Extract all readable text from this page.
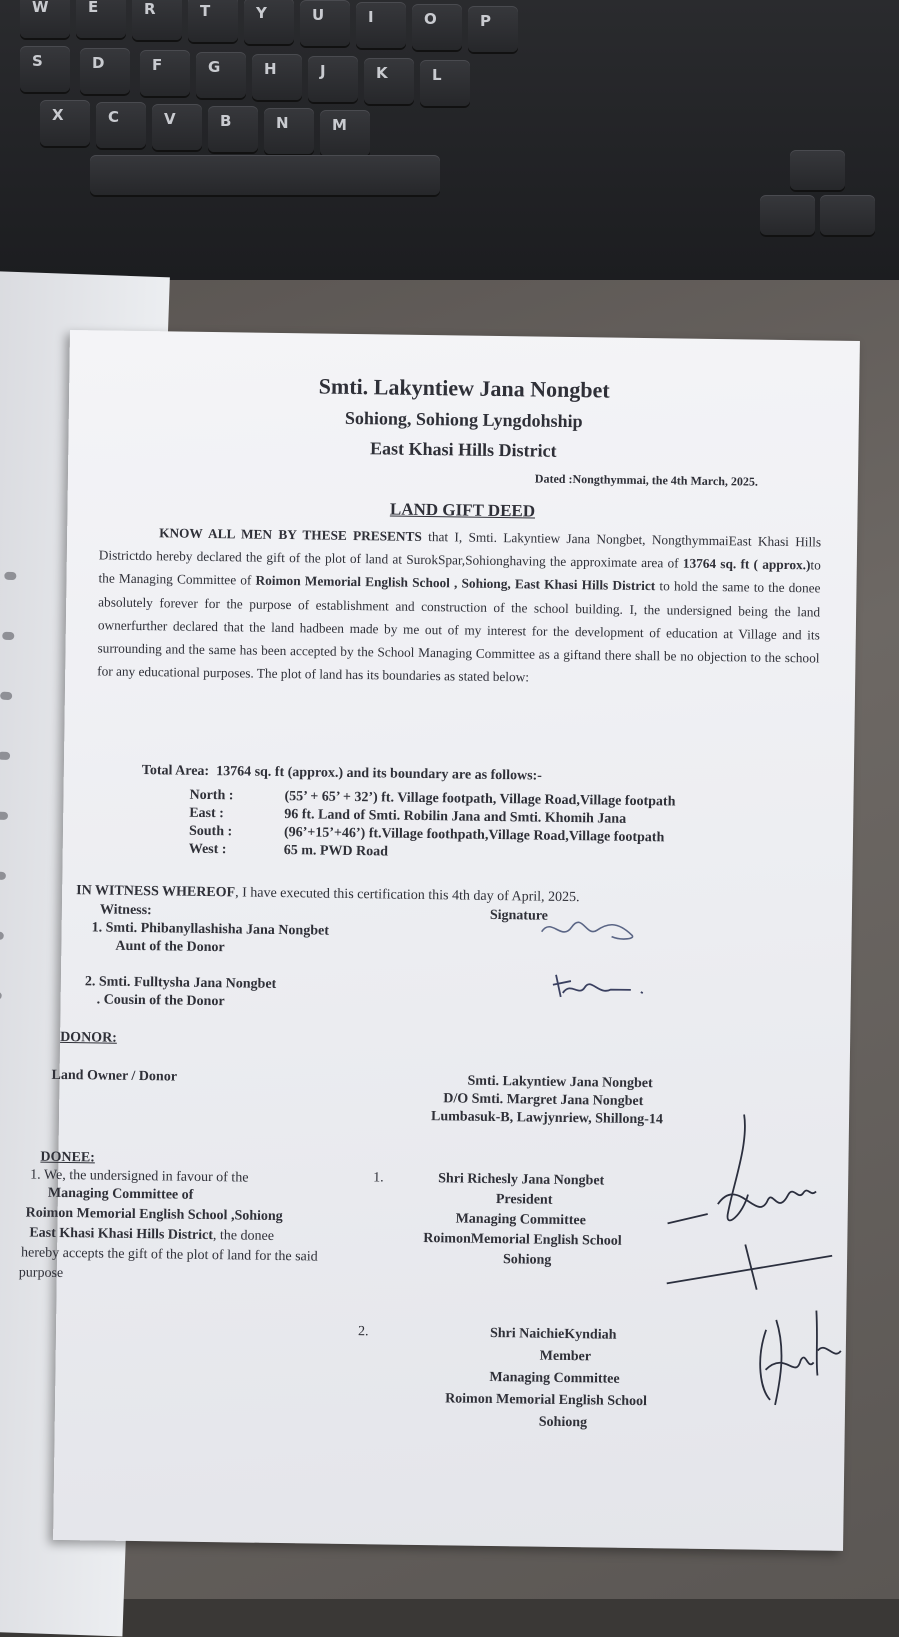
W	E	R	T	Y	U	I	O	P
S	D	F	G	H	J	K	L
X	C	V	B	N	M
Smti. Lakyntiew Jana Nongbet
Sohiong, Sohiong Lyngdohship
East Khasi Hills District
Dated :Nongthymmai, the 4th March, 2025.
LAND GIFT DEED
KNOW ALL MEN BY THESE PRESENTS that I, Smti. Lakyntiew Jana Nongbet, NongthymmaiEast Khasi Hills Districtdo hereby declared the gift of the plot of land at SurokSpar,Sohionghaving the approximate area of 13764 sq. ft ( approx.)to the Managing Committee of Roimon Memorial English School , Sohiong, East Khasi Hills District to hold the same to the donee absolutely forever for the purpose of establishment and construction of the school building. I, the undersigned being the land ownerfurther declared that the land hadbeen made by me out of my interest for the development of education at Village and its surrounding and the same has been accepted by the School Managing Committee as a giftand there shall be no objection to the school for any educational purposes. The plot of land has its boundaries as stated below:
Total Area: 13764 sq. ft (approx.) and its boundary are as follows:-
North :	(55’ + 65’ + 32’) ft. Village footpath, Village Road,Village footpath
East :	96 ft. Land of Smti. Robilin Jana and Smti. Khomih Jana
South :	(96’+15’+46’) ft.Village foothpath,Village Road,Village footpath
West :	65 m. PWD Road
IN WITNESS WHEREOF, I have executed this certification this 4th day of April, 2025.
Witness:	Signature
1. Smti. Phibanyllashisha Jana Nongbet
Aunt of the Donor
2. Smti. Fulltysha Jana Nongbet
. Cousin of the Donor
DONOR:
Land Owner / Donor	Smti. Lakyntiew Jana Nongbet
D/O Smti. Margret Jana Nongbet
Lumbasuk-B, Lawjynriew, Shillong-14
DONEE:
1. We, the undersigned in favour of the
Managing Committee of
Roimon Memorial English School ,Sohiong
East Khasi Khasi Hills District, the donee
hereby accepts the gift of the plot of land for the said
purpose
1.	Shri Richesly Jana Nongbet
President
Managing Committee
RoimonMemorial English School
Sohiong
2.	Shri NaichieKyndiah
Member
Managing Committee
Roimon Memorial English School
Sohiong
